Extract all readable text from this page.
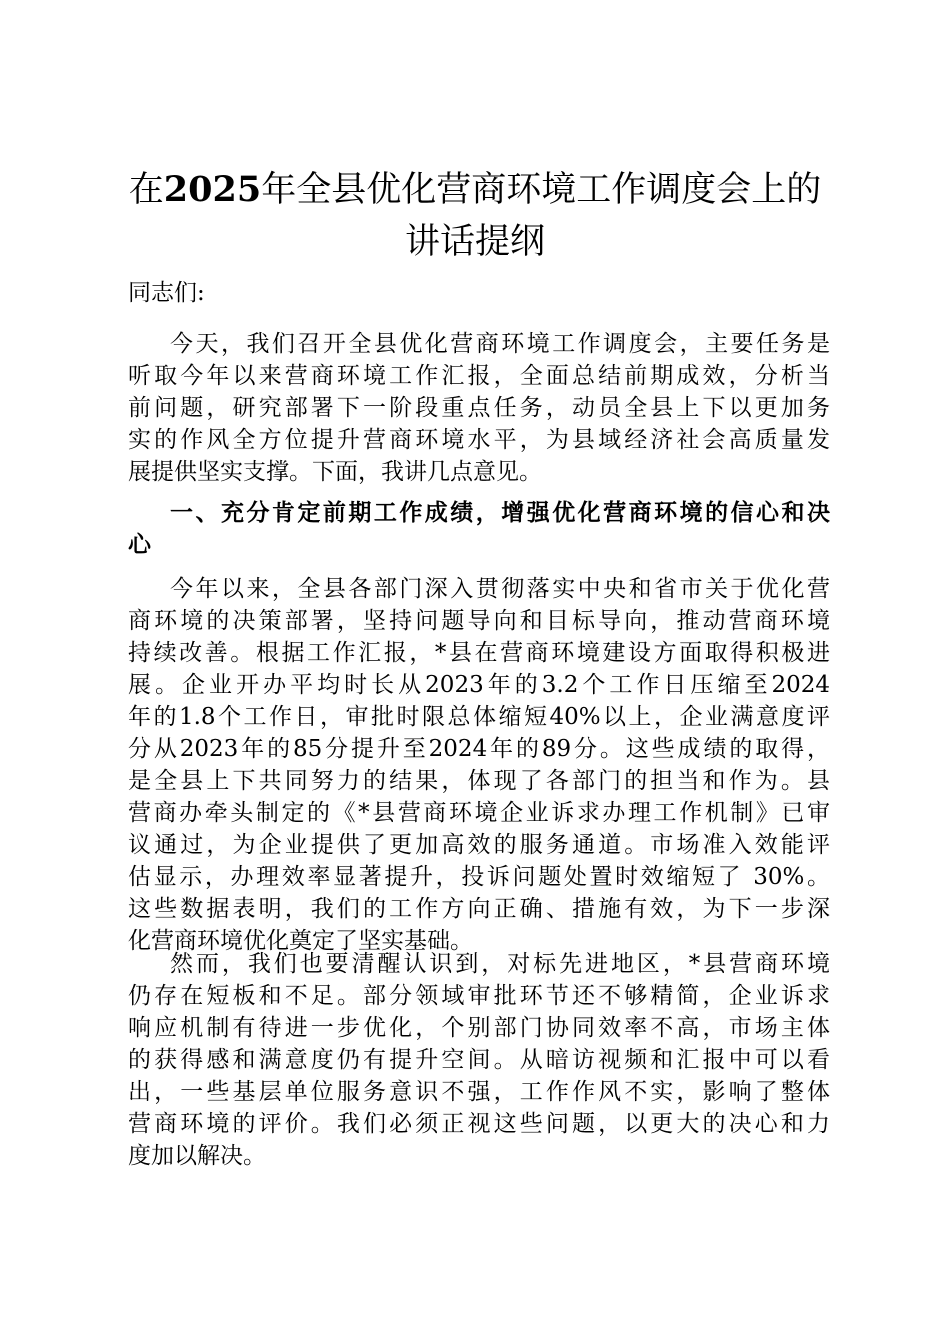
在2025年全县优化营商环境工作调度会上的
讲话提纲
同志们:
今天，我们召开全县优化营商环境工作调度会，主要任务是
听取今年以来营商环境工作汇报，全面总结前期成效，分析当
前问题，研究部署下一阶段重点任务，动员全县上下以更加务
实的作风全方位提升营商环境水平，为县域经济社会高质量发
展提供坚实支撑。下面，我讲几点意见。
一、充分肯定前期工作成绩，增强优化营商环境的信心和决
心
今年以来，全县各部门深入贯彻落实中央和省市关于优化营
商环境的决策部署，坚持问题导向和目标导向，推动营商环境
持续改善。根据工作汇报，*县在营商环境建设方面取得积极进
展。企业开办平均时长从2023年的3.2个工作日压缩至2024
年的1.8个工作日，审批时限总体缩短40%以上，企业满意度评
分从2023年的85分提升至2024年的89分。这些成绩的取得，
是全县上下共同努力的结果，体现了各部门的担当和作为。县
营商办牵头制定的《*县营商环境企业诉求办理工作机制》已审
议通过，为企业提供了更加高效的服务通道。市场准入效能评
估显示，办理效率显著提升，投诉问题处置时效缩短了 30%。
这些数据表明，我们的工作方向正确、措施有效，为下一步深
化营商环境优化奠定了坚实基础。
然而，我们也要清醒认识到，对标先进地区，*县营商环境
仍存在短板和不足。部分领域审批环节还不够精简，企业诉求
响应机制有待进一步优化，个别部门协同效率不高，市场主体
的获得感和满意度仍有提升空间。从暗访视频和汇报中可以看
出，一些基层单位服务意识不强，工作作风不实，影响了整体
营商环境的评价。我们必须正视这些问题，以更大的决心和力
度加以解决。
